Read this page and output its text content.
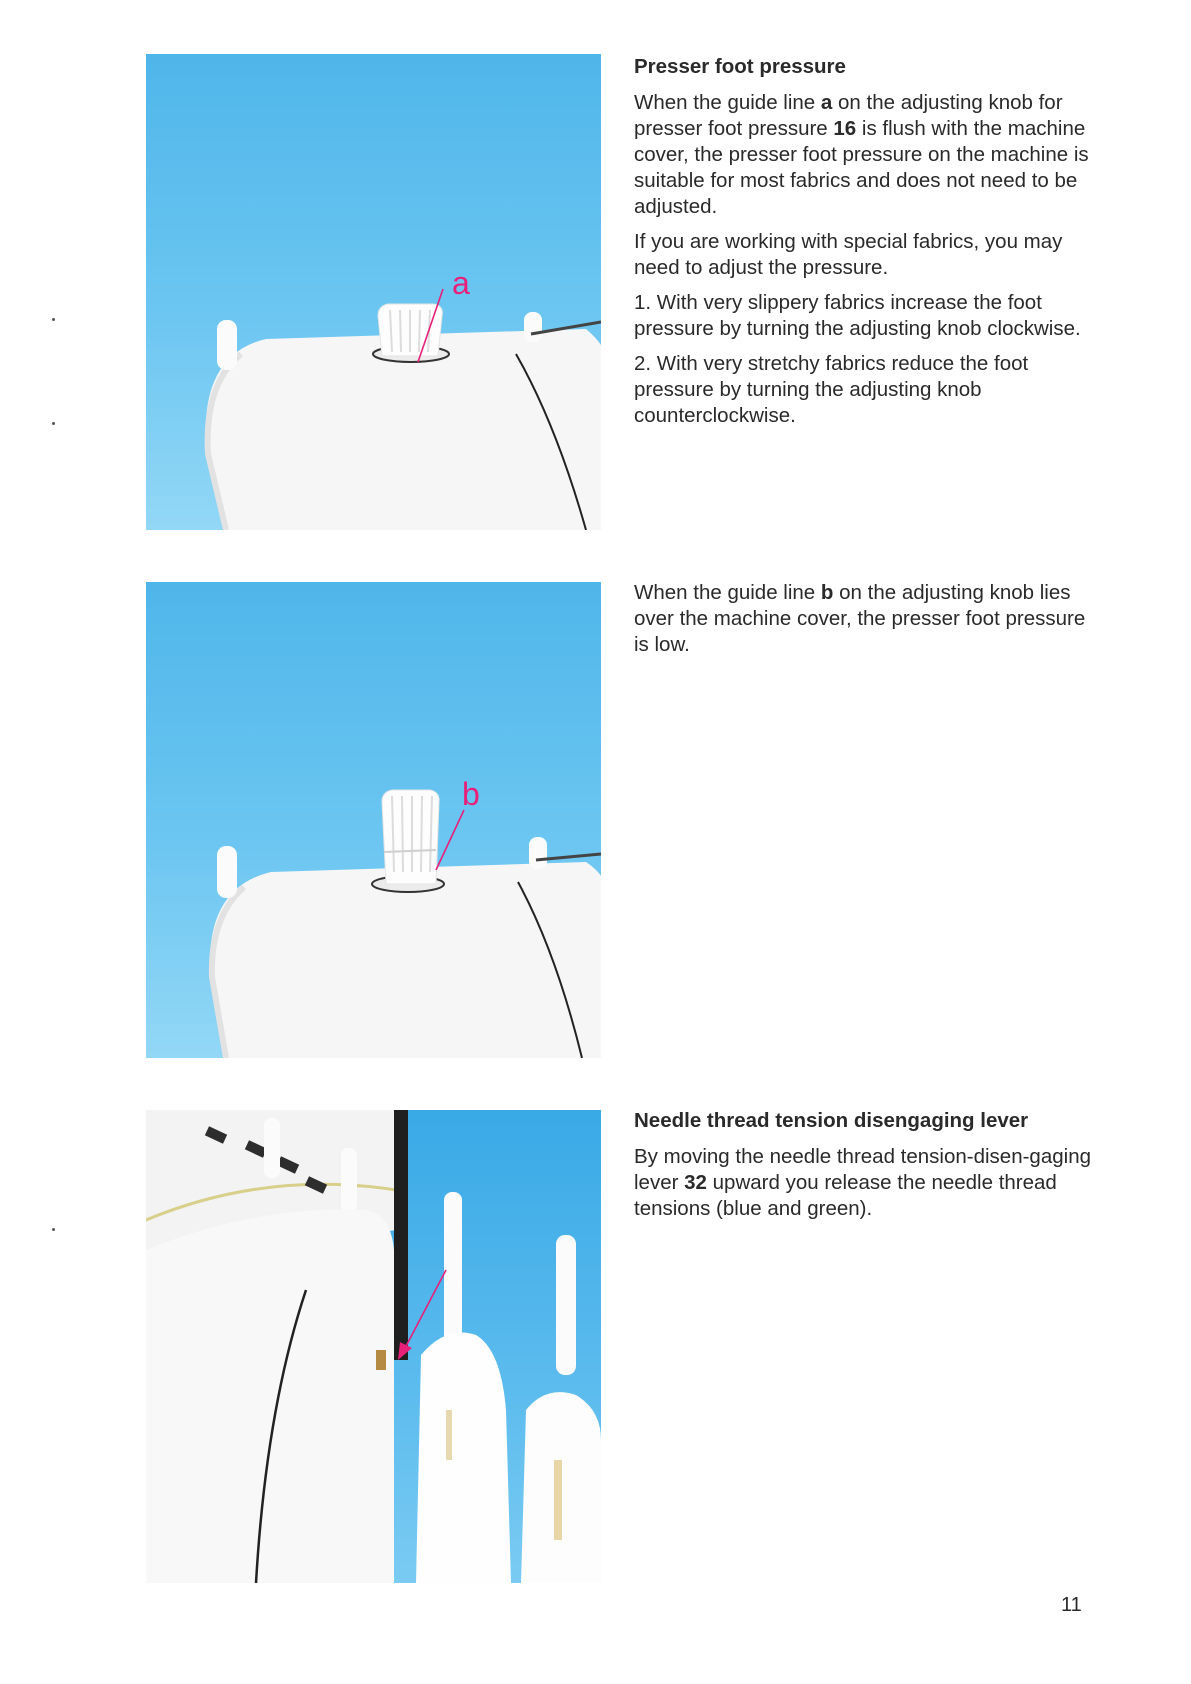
a
b

Presser foot pressure

When the guide line a on the adjusting knob for presser foot pressure 16 is flush with the machine cover, the presser foot pressure on the machine is suitable for most fabrics and does not need to be adjusted.

If you are working with special fabrics, you may need to adjust the pressure.

1. With very slippery fabrics increase the foot pressure by turning the adjusting knob clockwise.

2. With very stretchy fabrics reduce the foot pressure by turning the adjusting knob counterclockwise.

When the guide line b on the adjusting knob lies over the machine cover, the presser foot pressure is low.

Needle thread tension disengaging lever

By moving the needle thread tension-disen-gaging lever 32 upward you release the needle thread tensions (blue and green).

11
